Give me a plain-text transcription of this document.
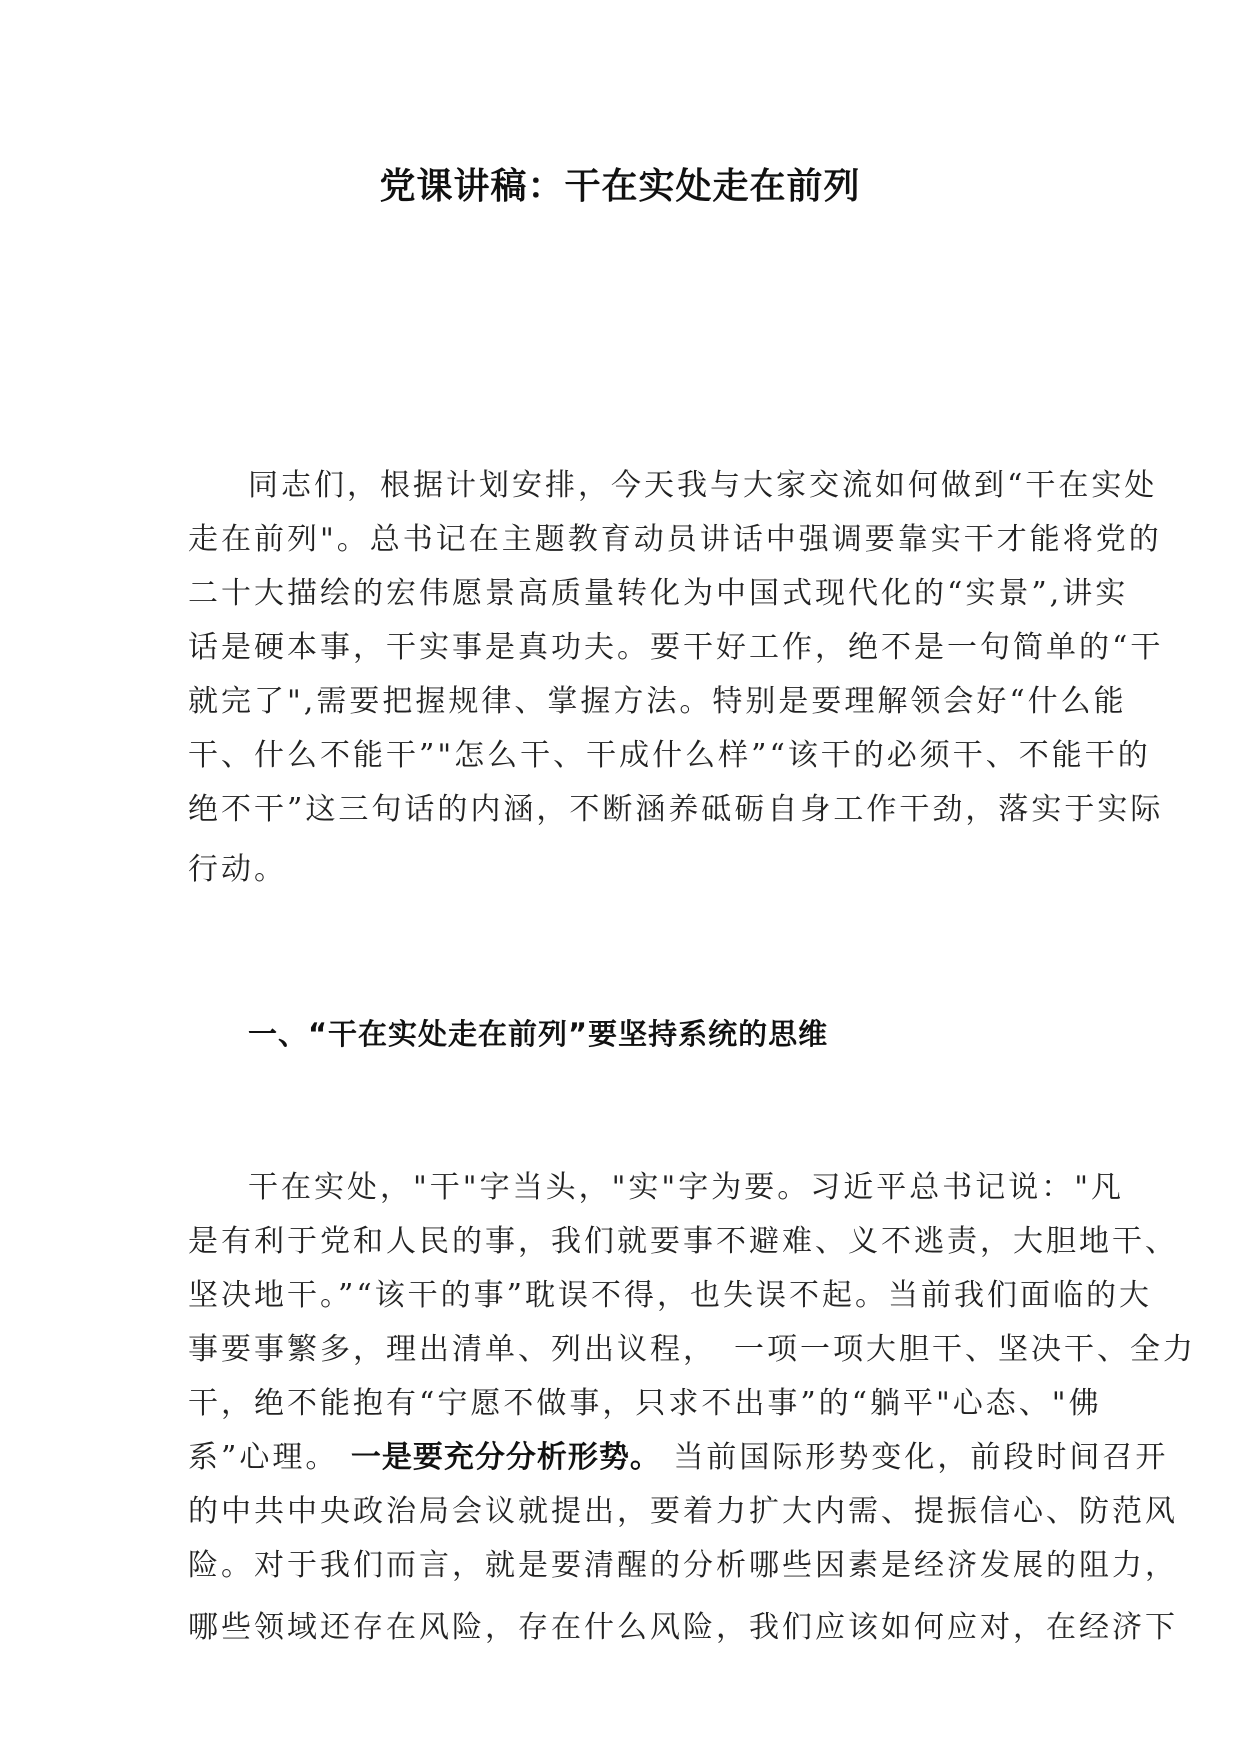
党课讲稿：干在实处走在前列
同志们，根据计划安排，今天我与大家交流如何做到“干在实处
走在前列"。总书记在主题教育动员讲话中强调要靠实干才能将党的
二十大描绘的宏伟愿景高质量转化为中国式现代化的“实景”,讲实
话是硬本事，干实事是真功夫。要干好工作，绝不是一句简单的“干
就完了",需要把握规律、掌握方法。特别是要理解领会好“什么能
干、什么不能干”"怎么干、干成什么样”“该干的必须干、不能干的
绝不干”这三句话的内涵，不断涵养砥砺自身工作干劲，落实于实际
行动。
一、“干在实处走在前列”要坚持系统的思维
干在实处，"干"字当头，"实"字为要。习近平总书记说："凡
是有利于党和人民的事，我们就要事不避难、义不逃责，大胆地干、
坚决地干。”“该干的事”耽误不得，也失误不起。当前我们面临的大
事要事繁多，理出清单、列出议程，　一项一项大胆干、坚决干、全力
干，绝不能抱有“宁愿不做事，只求不出事”的“躺平"心态、"佛
系”心理。 一是要充分分析形势。 当前国际形势变化，前段时间召开
的中共中央政治局会议就提出，要着力扩大内需、提振信心、防范风
险。对于我们而言，就是要清醒的分析哪些因素是经济发展的阻力，
哪些领域还存在风险，存在什么风险，我们应该如何应对，在经济下
